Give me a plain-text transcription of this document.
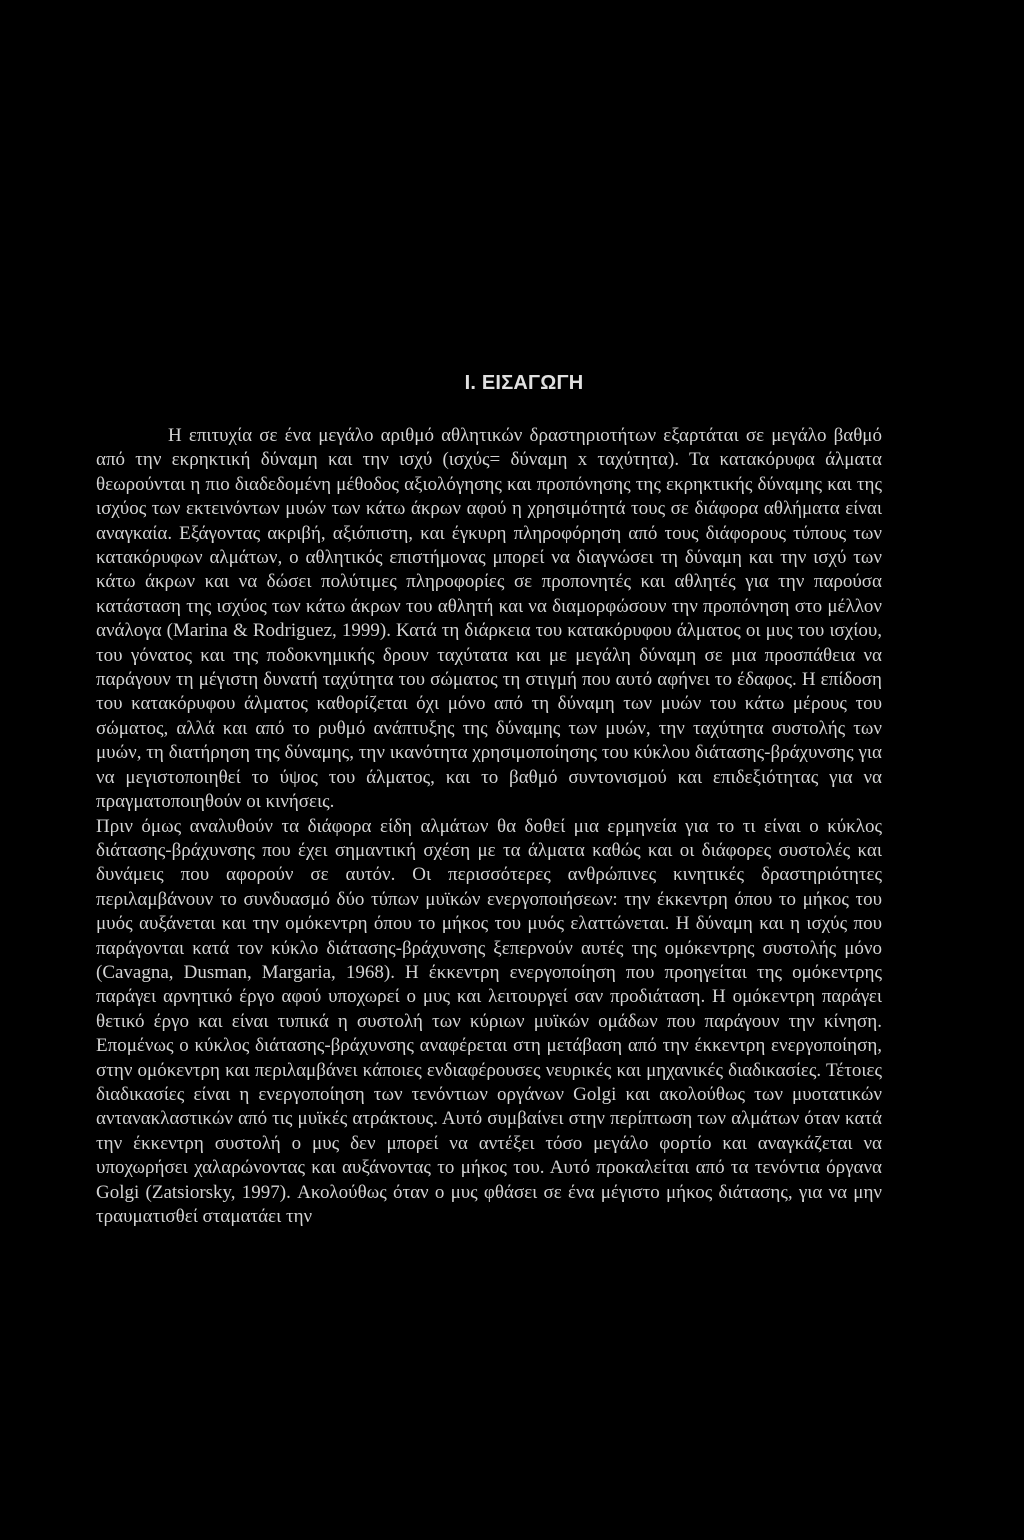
Ι. ΕΙΣΑΓΩΓΗ

Η επιτυχία σε ένα μεγάλο αριθμό αθλητικών δραστηριοτήτων εξαρτάται σε μεγάλο βαθμό από την εκρηκτική δύναμη και την ισχύ (ισχύς= δύναμη x ταχύτητα). Τα κατακόρυφα άλματα θεωρούνται η πιο διαδεδομένη μέθοδος αξιολόγησης και προπόνησης της εκρηκτικής δύναμης και της ισχύος των εκτεινόντων μυών των κάτω άκρων αφού η χρησιμότητά τους σε διάφορα αθλήματα είναι αναγκαία. Εξάγοντας ακριβή, αξιόπιστη, και έγκυρη πληροφόρηση από τους διάφορους τύπους των κατακόρυφων αλμάτων, ο αθλητικός επιστήμονας μπορεί να διαγνώσει τη δύναμη και την ισχύ των κάτω άκρων και να δώσει πολύτιμες πληροφορίες σε προπονητές και αθλητές για την παρούσα κατάσταση της ισχύος των κάτω άκρων του αθλητή και να διαμορφώσουν την προπόνηση στο μέλλον ανάλογα (Marina & Rodriguez, 1999). Κατά τη διάρκεια του κατακόρυφου άλματος οι μυς του ισχίου, του γόνατος και της ποδοκνημικής δρουν ταχύτατα και με μεγάλη δύναμη σε μια προσπάθεια να παράγουν τη μέγιστη δυνατή ταχύτητα του σώματος τη στιγμή που αυτό αφήνει το έδαφος. Η επίδοση του κατακόρυφου άλματος καθορίζεται όχι μόνο από τη δύναμη των μυών του κάτω μέρους του σώματος, αλλά και από το ρυθμό ανάπτυξης της δύναμης των μυών, την ταχύτητα συστολής των μυών, τη διατήρηση της δύναμης, την ικανότητα χρησιμοποίησης του κύκλου διάτασης-βράχυνσης για να μεγιστοποιηθεί το ύψος του άλματος, και το βαθμό συντονισμού και επιδεξιότητας για να πραγματοποιηθούν οι κινήσεις.

Πριν όμως αναλυθούν τα διάφορα είδη αλμάτων θα δοθεί μια ερμηνεία για το τι είναι ο κύκλος διάτασης-βράχυνσης που έχει σημαντική σχέση με τα άλματα καθώς και οι διάφορες συστολές και δυνάμεις που αφορούν σε αυτόν. Οι περισσότερες ανθρώπινες κινητικές δραστηριότητες περιλαμβάνουν το συνδυασμό δύο τύπων μυϊκών ενεργοποιήσεων: την έκκεντρη όπου το μήκος του μυός αυξάνεται και την ομόκεντρη όπου το μήκος του μυός ελαττώνεται. Η δύναμη και η ισχύς που παράγονται κατά τον κύκλο διάτασης-βράχυνσης ξεπερνούν αυτές της ομόκεντρης συστολής μόνο (Cavagna, Dusman, Margaria, 1968). Η έκκεντρη ενεργοποίηση που προηγείται της ομόκεντρης παράγει αρνητικό έργο αφού υποχωρεί ο μυς και λειτουργεί σαν προδιάταση. Η ομόκεντρη παράγει θετικό έργο και είναι τυπικά η συστολή των κύριων μυϊκών ομάδων που παράγουν την κίνηση. Επομένως ο κύκλος διάτασης-βράχυνσης αναφέρεται στη μετάβαση από την έκκεντρη ενεργοποίηση, στην ομόκεντρη και περιλαμβάνει κάποιες ενδιαφέρουσες νευρικές και μηχανικές διαδικασίες. Τέτοιες διαδικασίες είναι η ενεργοποίηση των τενόντιων οργάνων Golgi και ακολούθως των μυοτατικών αντανακλαστικών από τις μυϊκές ατράκτους. Αυτό συμβαίνει στην περίπτωση των αλμάτων όταν κατά την έκκεντρη συστολή ο μυς δεν μπορεί να αντέξει τόσο μεγάλο φορτίο και αναγκάζεται να υποχωρήσει χαλαρώνοντας και αυξάνοντας το μήκος του. Αυτό προκαλείται από τα τενόντια όργανα Golgi (Zatsiorsky, 1997). Ακολούθως όταν ο μυς φθάσει σε ένα μέγιστο μήκος διάτασης, για να μην τραυματισθεί σταματάει την
